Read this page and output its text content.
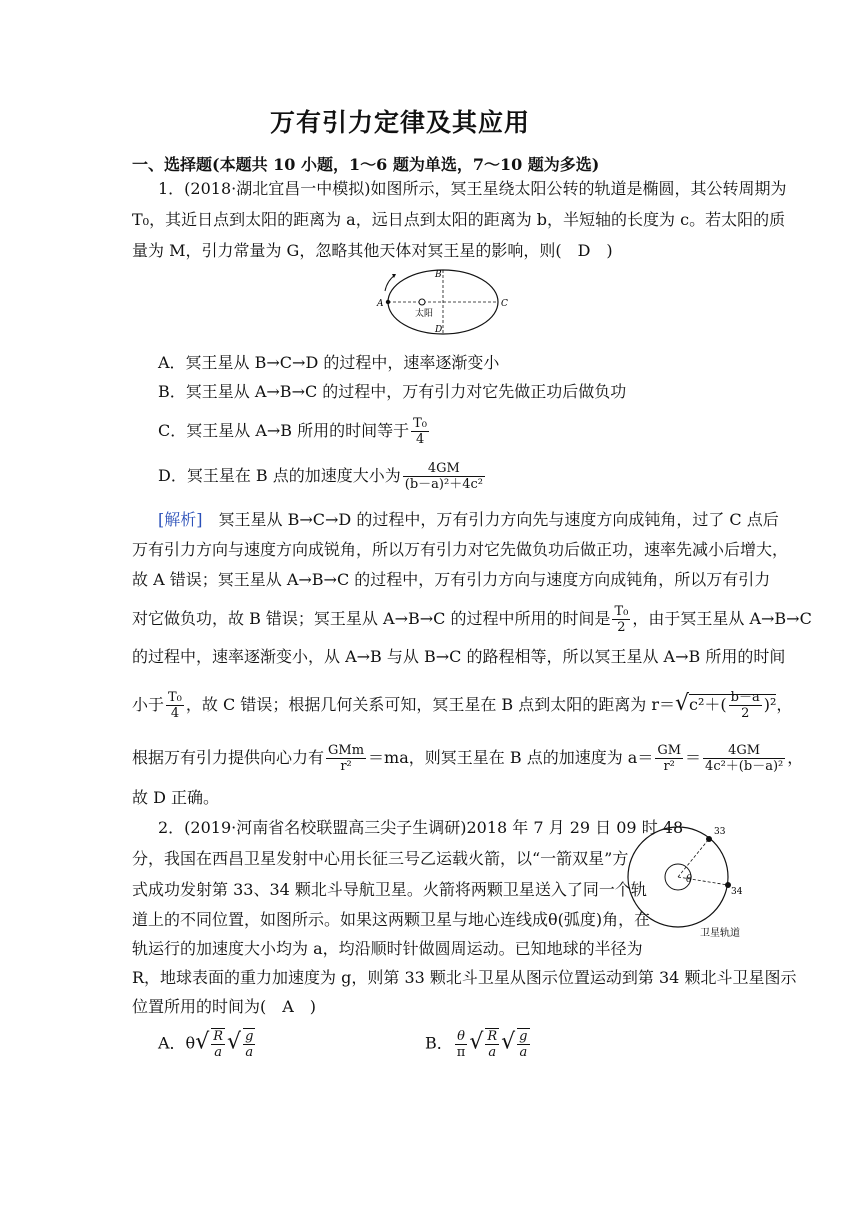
万有引力定律及其应用
一、选择题(本题共 10 小题，1～6 题为单选，7～10 题为多选)
1．(2018·湖北宜昌一中模拟)如图所示，冥王星绕太阳公转的轨道是椭圆，其公转周期为
T₀，其近日点到太阳的距离为 a，远日点到太阳的距离为 b，半短轴的长度为 c。若太阳的质
量为 M，引力常量为 G，忽略其他天体对冥王星的影响，则(　D　)
A
B
C
D
太阳
A．冥王星从 B→C→D 的过程中，速率逐渐变小
B．冥王星从 A→B→C 的过程中，万有引力对它先做正功后做负功
C．冥王星从 A→B 所用的时间等于 $\frac{\text{T₀}}{4}$
D．冥王星在 B 点的加速度大小为 $\frac{4GM}{\text{(b－a)²＋4c²}}$
[解析]　冥王星从 B→C→D 的过程中，万有引力方向先与速度方向成钝角，过了 C 点后
万有引力方向与速度方向成锐角，所以万有引力对它先做负功后做正功，速率先减小后增大，
故 A 错误；冥王星从 A→B→C 的过程中，万有引力方向与速度方向成钝角，所以万有引力
对它做负功，故 B 错误；冥王星从 A→B→C 的过程中所用的时间是 $\frac{\text{T₀}}{2}$ ，由于冥王星从 A→B→C
的过程中，速率逐渐变小，从 A→B 与从 B→C 的路程相等，所以冥王星从 A→B 所用的时间
小于 $\frac{\text{T₀}}{4}$ ，故 C 错误；根据几何关系可知，冥王星在 B 点到太阳的距离为 $r=√c^2+( \frac{b-a}{2} )^2$，
根据万有引力提供向心力有 $\frac{\text{GMm}}{\text{r²}} =ma$，则冥王星在 B 点的加速度为 $a= \frac{GM}{\text{r²}} = \frac{4GM}{\text{4c²＋(b－a)²}}$ ，
故 D 正确。
2．(2019·河南省名校联盟高三尖子生调研)2018 年 7 月 29 日 09 时 48
分，我国在西昌卫星发射中心用长征三号乙运载火箭，以“一箭双星”方
式成功发射第 33、34 颗北斗导航卫星。火箭将两颗卫星送入了同一个轨
道上的不同位置，如图所示。如果这两颗卫星与地心连线成θ(弧度)角，在
轨运行的加速度大小均为 a，均沿顺时针做圆周运动。已知地球的半径为
R，地球表面的重力加速度为 g，则第 33 颗北斗卫星从图示位置运动到第 34 颗北斗卫星图示
位置所用的时间为(　A　)
33
34
θ
卫星轨道
A．$\theta√ \frac{R}{a}$ √ $\frac{g}{a}$	B． $\frac{\theta}{\pi}$ √ $\frac{R}{a}$ √ $\frac{g}{a}$
